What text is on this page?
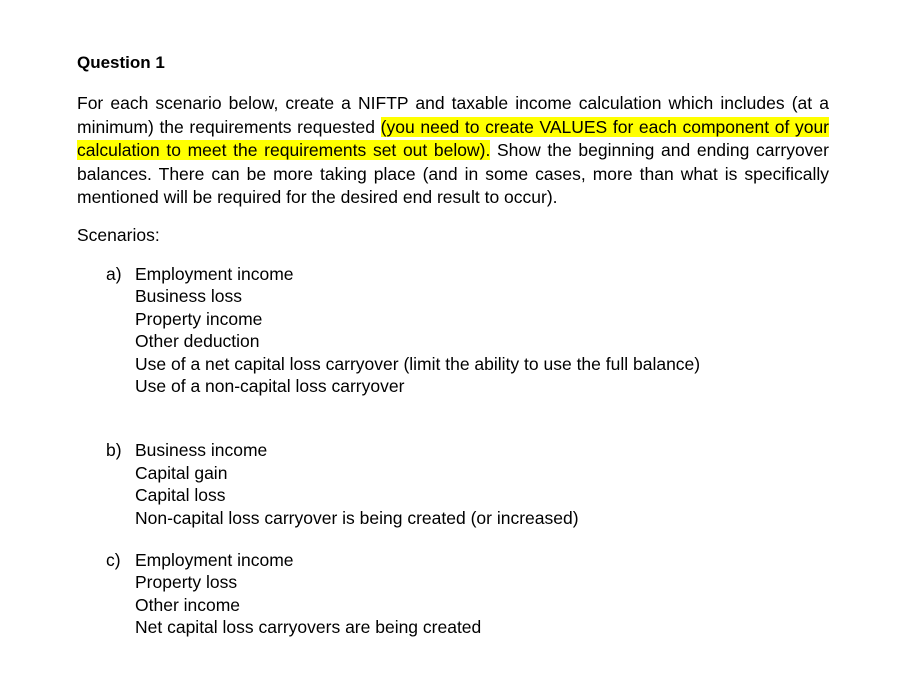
Question 1

For each scenario below, create a NIFTP and taxable income calculation which includes (at a minimum) the requirements requested (you need to create VALUES for each component of your calculation to meet the requirements set out below). Show the beginning and ending carryover balances. There can be more taking place (and in some cases, more than what is specifically mentioned will be required for the desired end result to occur).

Scenarios:
a) Employment income
Business loss
Property income
Other deduction
Use of a net capital loss carryover (limit the ability to use the full balance)
Use of a non-capital loss carryover
b) Business income
Capital gain
Capital loss
Non-capital loss carryover is being created (or increased)
c) Employment income
Property loss
Other income
Net capital loss carryovers are being created
